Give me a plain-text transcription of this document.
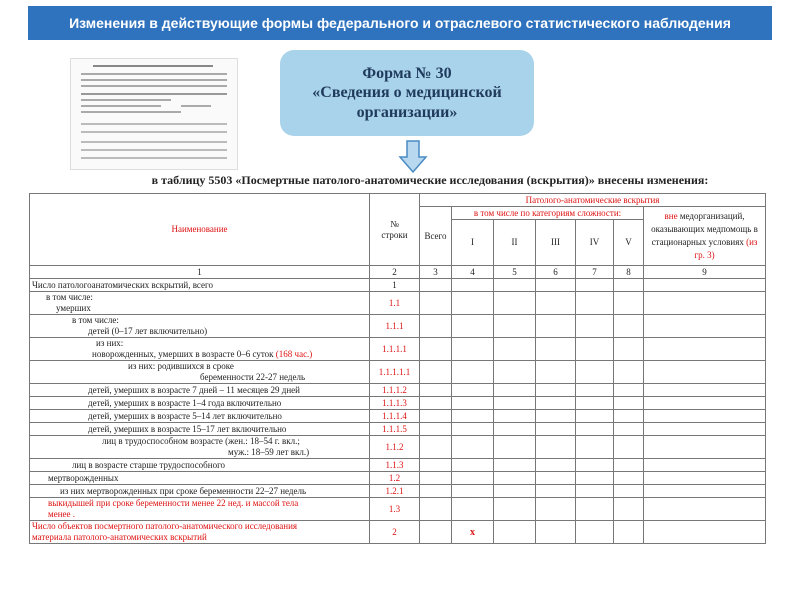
Изменения в действующие формы федерального и отраслевого статистического наблюдения
Форма № 30
«Сведения о медицинской
организации»
в таблицу 5503 «Посмертные патолого-анатомические исследования (вскрытия)» внесены изменения:
Наименование	№ строки	Патолого-анатомические вскрытия						
		Всего	в том числе по категориям сложности:					вне медорганизаций, оказывающих медпомощь в стационарных условиях (из гр. 3)
			I	II	III	IV	V	
1	2	3	4	5	6	7	8	9
Число патологоанатомических вскрытий, всего	1							

в том числе:
умерших	1.1							

в том числе:
детей (0–17 лет включительно)	1.1.1							

из них:
новорожденных, умерших в возрасте 0–6 суток (168 час.)	1.1.1.1							

из них: родившихся в сроке
беременности 22-27 недель	1.1.1.1.1							

детей, умерших в возрасте 7 дней – 11 месяцев 29 дней	1.1.1.2							

детей, умерших в возрасте 1–4 года включительно	1.1.1.3							

детей, умерших в возрасте 5–14 лет включительно	1.1.1.4							

детей, умерших в возрасте 15–17 лет включительно	1.1.1.5							

лиц в трудоспособном возрасте (жен.: 18–54 г. вкл.;
муж.: 18–59 лет вкл.)	1.1.2							

лиц в возрасте старше трудоспособного	1.1.3							

мертворожденных	1.2							

из них мертворожденных при сроке беременности 22–27 недель	1.2.1							

выкидышей при сроке беременности менее 22 нед. и массой тела
менее .	1.3							

Число объектов посмертного патолого-анатомического исследования
материала патолого-анатомических вскрытий	2		x					
